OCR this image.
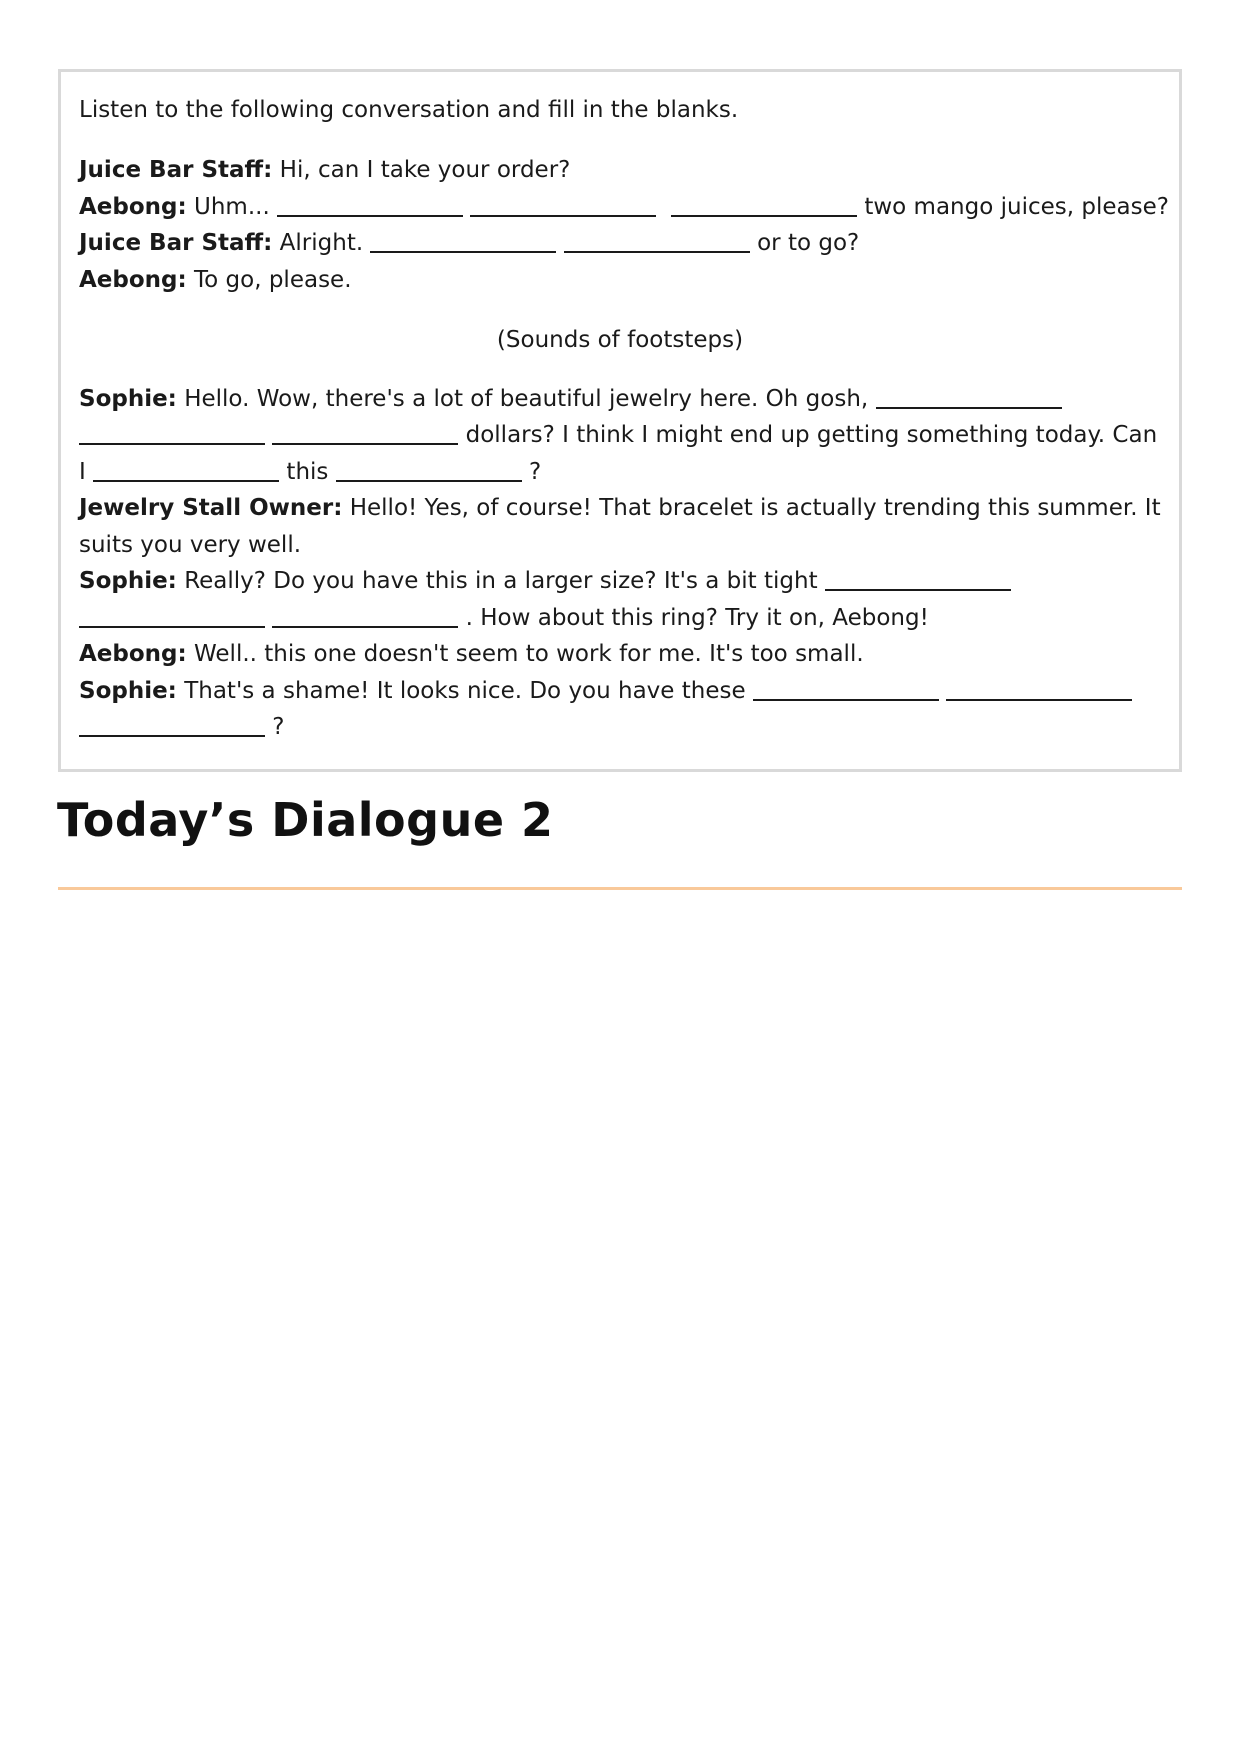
Listen to the following conversation and fill in the blanks.

Juice Bar Staff: Hi, can I take your order?

Aebong: Uhm...	two mango juices, please?

Juice Bar Staff: Alright.	or to go?

Aebong: To go, please.

(Sounds of footsteps)

Sophie: Hello. Wow, there's a lot of beautiful jewelry here. Oh gosh,    dollars? I think I might end up getting something today. Can I	this	?

Jewelry Stall Owner: Hello! Yes, of course! That bracelet is actually trending this summer. It suits you very well.

Sophie: Really? Do you have this in a larger size? It's a bit tight    . How about this ring? Try it on, Aebong!

Aebong: Well.. this one doesn't seem to work for me. It's too small.

Sophie: That's a shame! It looks nice. Do you have these    ?

Today’s Dialogue 2
